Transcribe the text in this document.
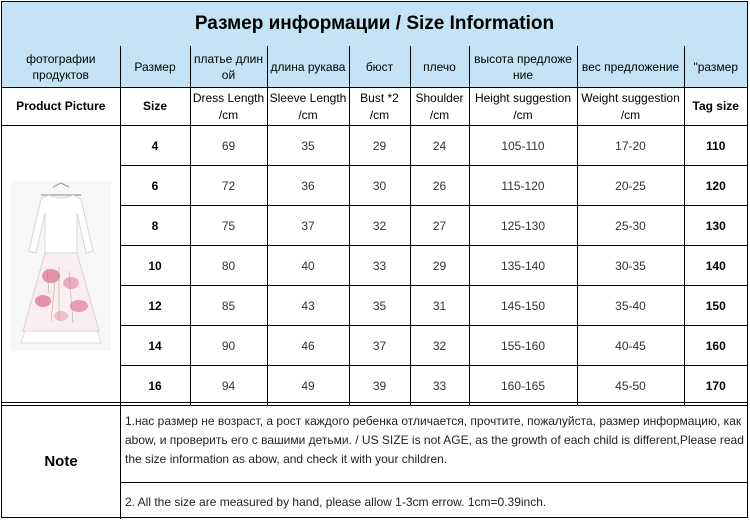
Размер информации / Size Information
фотографии продуктов	Размер	платье длин ой	длина рукава	бюст	плечо	высота предложе ние	вес предложение	"размер
Product Picture	Size	Dress Length /cm	Sleeve Length /cm	Bust *2 /cm	Shoulder /cm	Height suggestion /cm	Weight suggestion /cm	Tag size

	4	69	35	29	24	105-110	17-20	110
	6	72	36	30	26	115-120	20-25	120
	8	75	37	32	27	125-130	25-30	130
	10	80	40	33	29	135-140	30-35	140
	12	85	43	35	31	145-150	35-40	150
	14	90	46	37	32	155-160	40-45	160
	16	94	49	39	33	160-165	45-50	170
Note
1.нас размер не возраст, а рост каждого ребенка отличается, прочтите, пожалуйста, размер информацию, как abow, и проверить его с вашими детьми. / US SIZE is not AGE, as the growth of each child is different,Please read the size information as abow, and check it with your children.
2. All the size are measured by hand, please allow 1-3cm errow. 1cm=0.39inch.
